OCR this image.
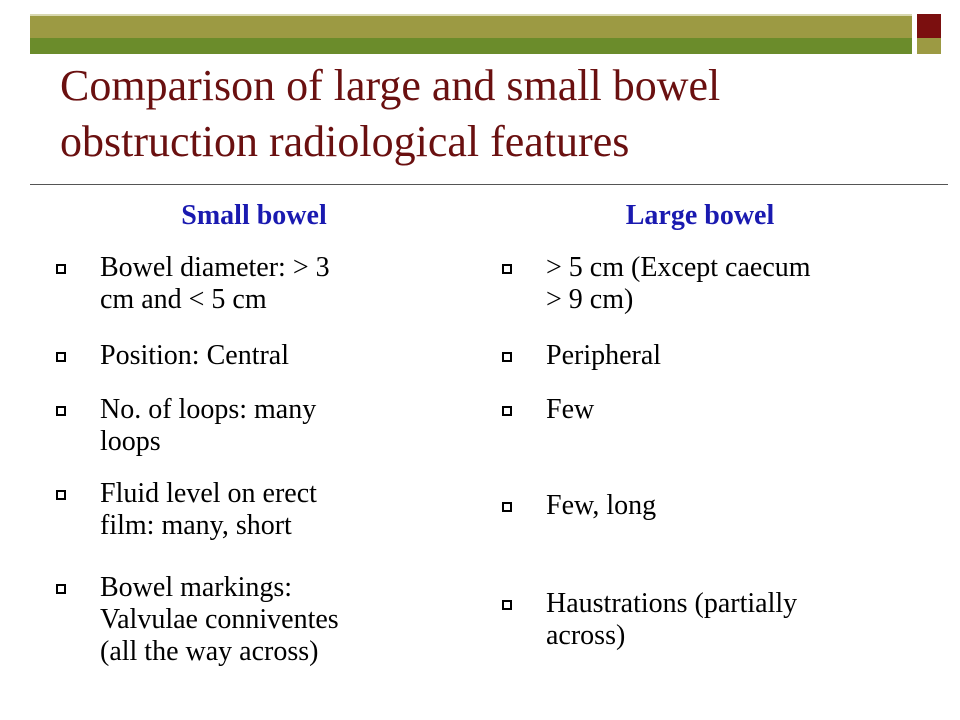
Comparison of large and small bowel
obstruction radiological features
Small bowel
Bowel diameter: > 3
cm and < 5 cm
Position: Central
No. of loops: many
loops
Fluid level on erect
film: many, short
Bowel markings:
Valvulae conniventes
(all the way across)
Large bowel
> 5 cm (Except caecum
> 9 cm)
Peripheral
Few
Few, long
Haustrations (partially
across)
